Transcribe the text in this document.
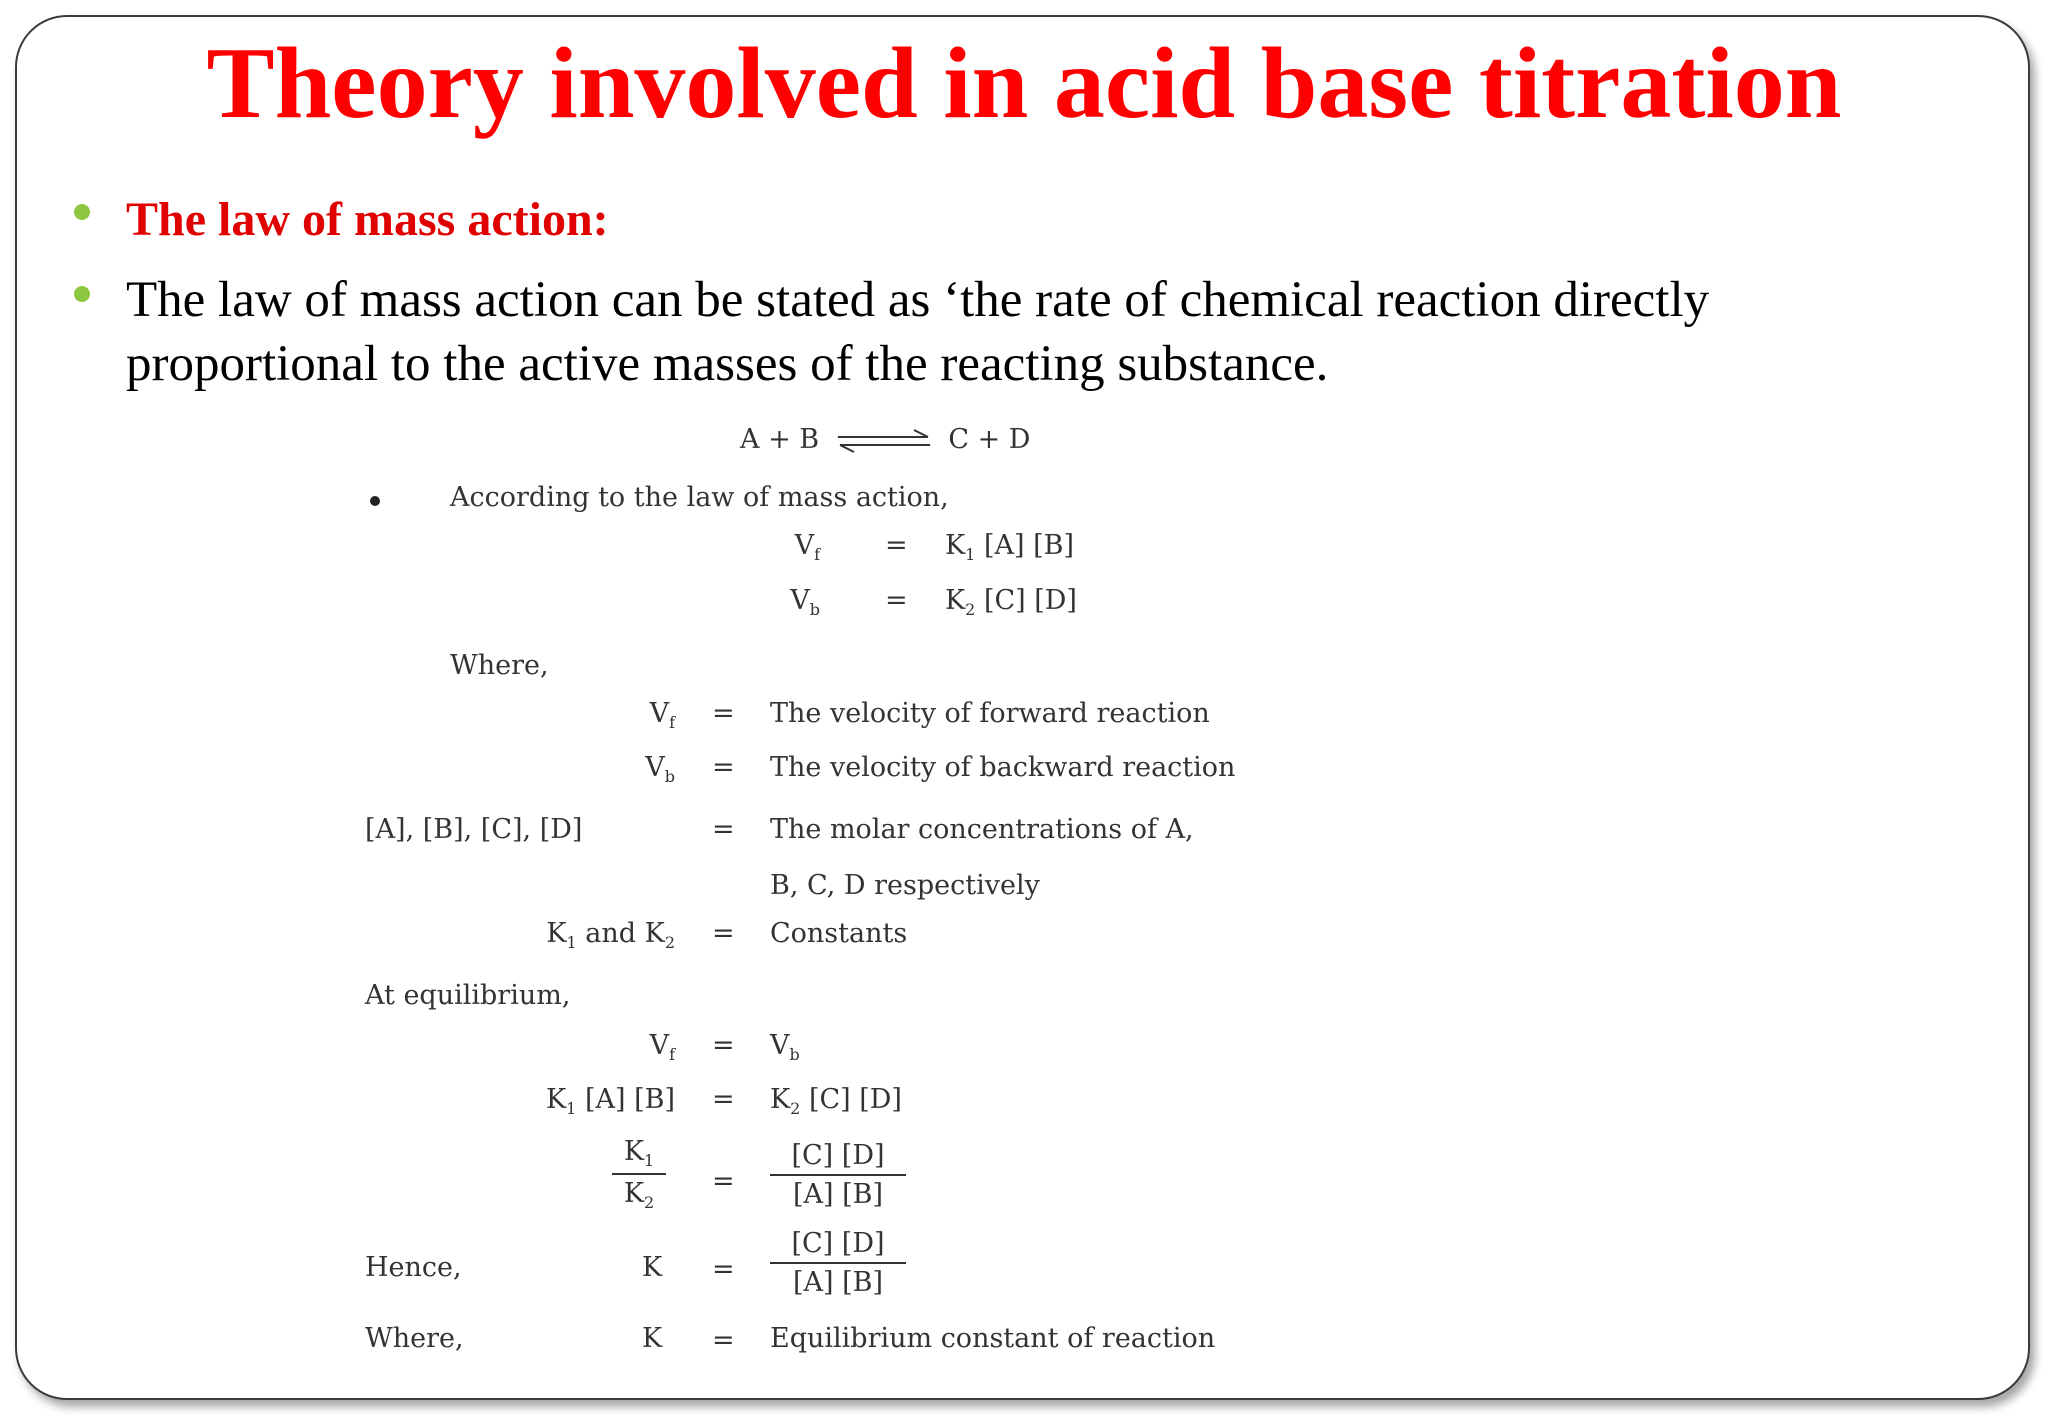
Theory involved in acid base titration
The law of mass action:
The law of mass action can be stated as ‘the rate of chemical reaction directly
proportional to the active masses of the reacting substance.
A + B ⇌ C + D
According to the law of mass action,
$V_f = K_1$ [A] [B]
$V_b = K_2$ [C] [D]
Where,
$V_f$ = The velocity of forward reaction
$V_b$ = The velocity of backward reaction
[A], [B], [C], [D]	= The molar concentrations of A,
B, C, D respectively
$K_1$ and $K_2$ = Constants
At equilibrium,
$V_f = V_b$
$K_1$ [A] $[B] = K_2$ [C] [D]
$K_1$
$K_2$
=
[C] [D]
[A] [B]
Hence,	K =
[C] [D]
[A] [B]
Where,	K = Equilibrium constant of reaction
